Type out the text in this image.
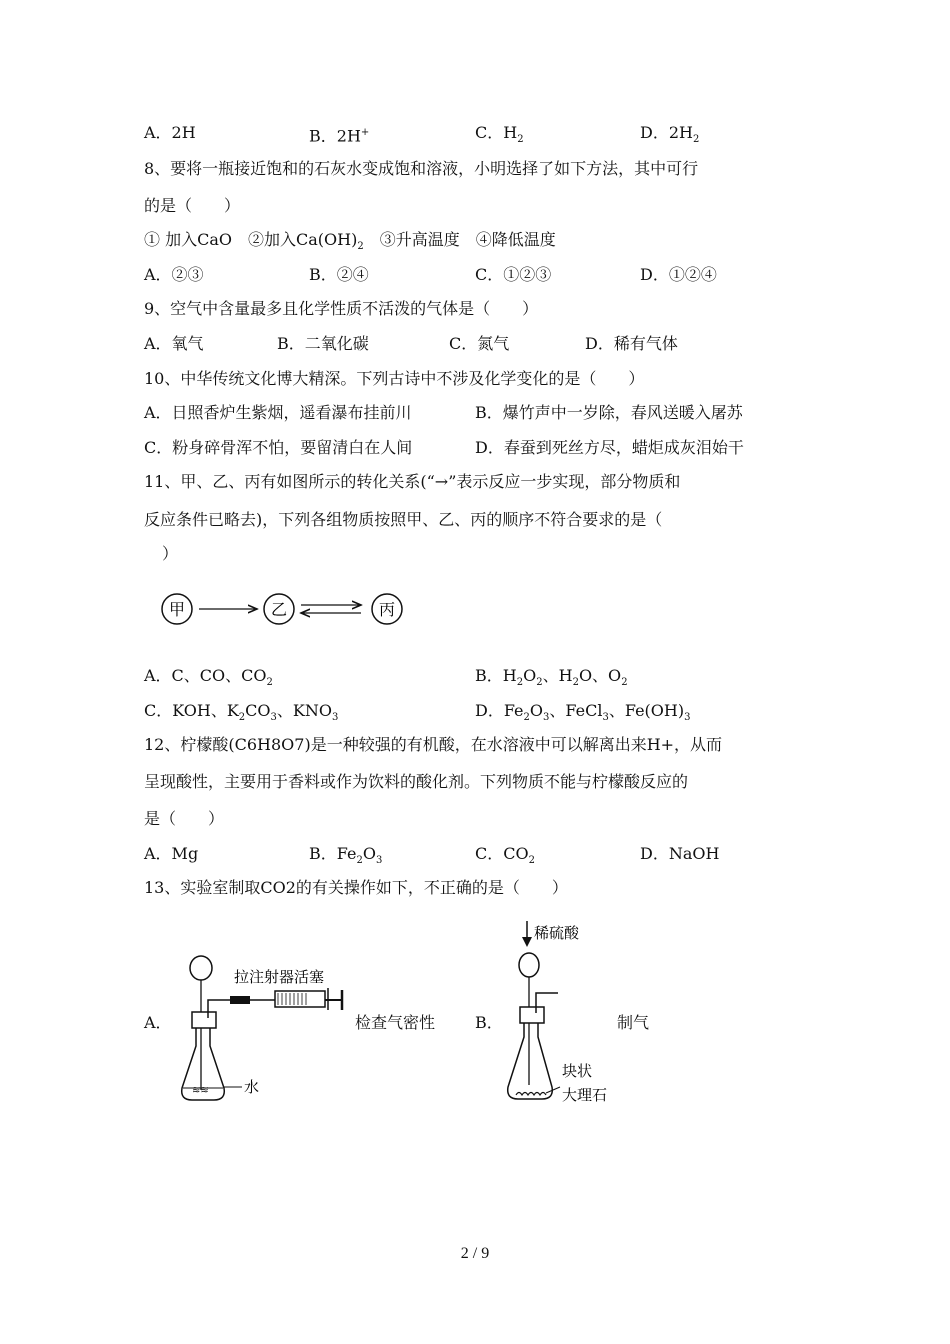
A．2H	B．2H+	C．$H_2$	D．$2H_2$
8、要将一瓶接近饱和的石灰水变成饱和溶液，小明选择了如下方法，其中可行
的是（　　）
① 加入CaO　②加入$Ca(OH)_2$　③升高温度　④降低温度
A．②③	B．②④	C．①②③	D．①②④
9、空气中含量最多且化学性质不活泼的气体是（　　）
A．氧气	B．二氧化碳	C．氮气	D．稀有气体
10、中华传统文化博大精深。下列古诗中不涉及化学变化的是（　　）
A．日照香炉生紫烟，遥看瀑布挂前川	B．爆竹声中一岁除，春风送暖入屠苏
C．粉身碎骨浑不怕，要留清白在人间	D．春蚕到死丝方尽，蜡炬成灰泪始干
11、甲、乙、丙有如图所示的转化关系(“→”表示反应一步实现，部分物质和
反应条件已略去)，下列各组物质按照甲、乙、丙的顺序不符合要求的是（
）
甲	乙	丙
A．C、CO、$CO_2$	B．$H_2O_2$、$H_2O$、$O_2$
C．KOH、$K_2CO_3$、$KNO_3$	D．$Fe_2O_3$、FeCl$_3$、$Fe(OH)_3$
12、柠檬酸(C6H8O7)是一种较强的有机酸，在水溶液中可以解离出来H+，从而
呈现酸性，主要用于香料或作为饮料的酸化剂。下列物质不能与柠檬酸反应的
是（　　）
A．Mg	B．$Fe_2O_3$	C．$CO_2$	D．NaOH
13、实验室制取CO2的有关操作如下，不正确的是（　　）
A．
≋≋ 水
拉注射器活塞
检查气密性 B．
稀硫酸
块状
大理石
制气
2 / 9
